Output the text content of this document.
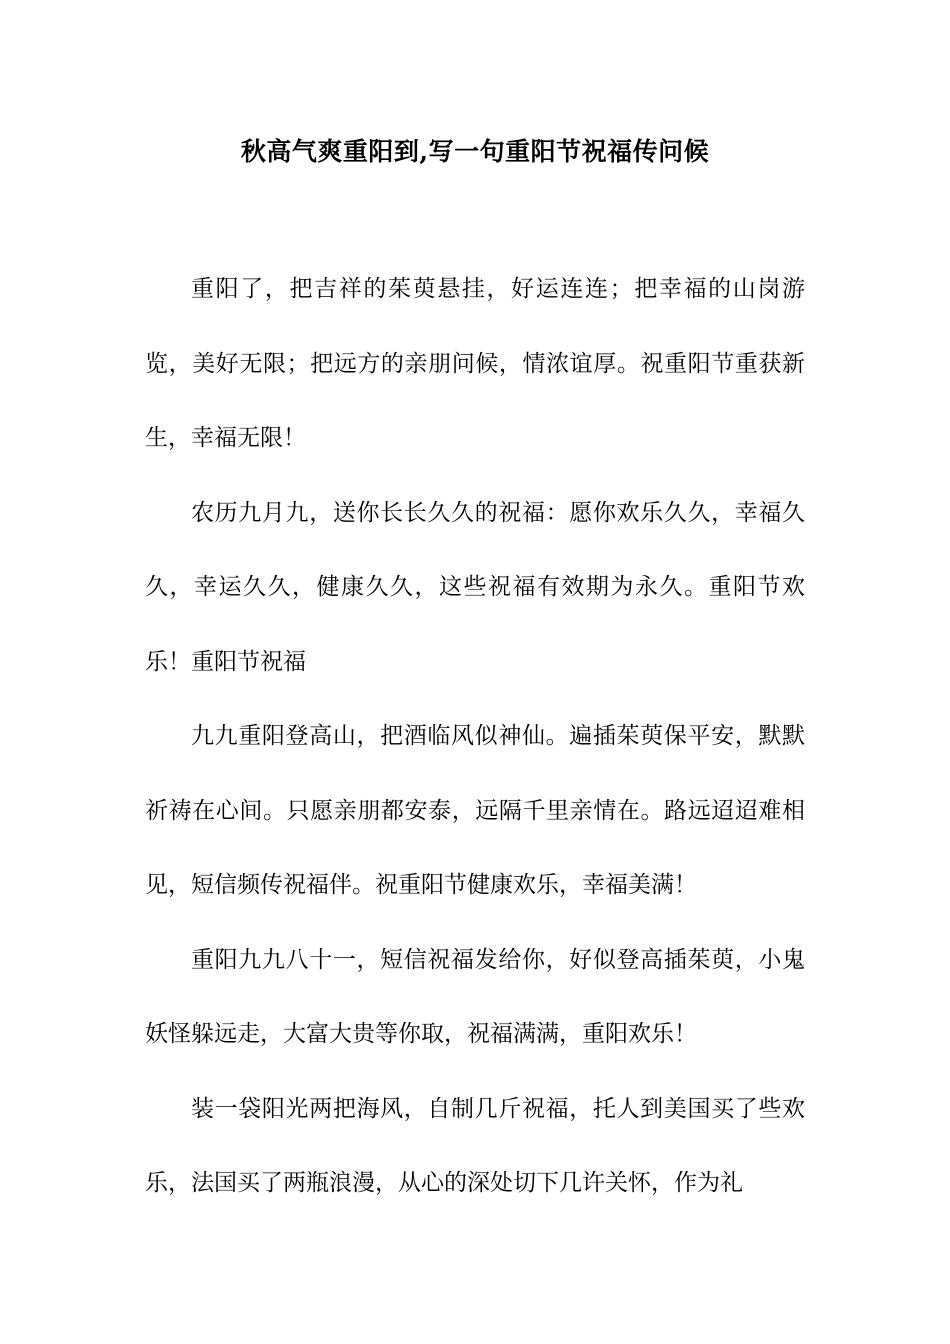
秋高气爽重阳到,写一句重阳节祝福传问候

重阳了，把吉祥的茱萸悬挂，好运连连；把幸福的山岗游览，美好无限；把远方的亲朋问候，情浓谊厚。祝重阳节重获新生，幸福无限！

农历九月九，送你长长久久的祝福：愿你欢乐久久，幸福久久，幸运久久，健康久久，这些祝福有效期为永久。重阳节欢乐！重阳节祝福

九九重阳登高山，把酒临风似神仙。遍插茱萸保平安，默默祈祷在心间。只愿亲朋都安泰，远隔千里亲情在。路远迢迢难相见，短信频传祝福伴。祝重阳节健康欢乐，幸福美满！

重阳九九八十一，短信祝福发给你，好似登高插茱萸，小鬼妖怪躲远走，大富大贵等你取，祝福满满，重阳欢乐！

装一袋阳光两把海风，自制几斤祝福，托人到美国买了些欢乐，法国买了两瓶浪漫，从心的深处切下几许关怀，作为礼
